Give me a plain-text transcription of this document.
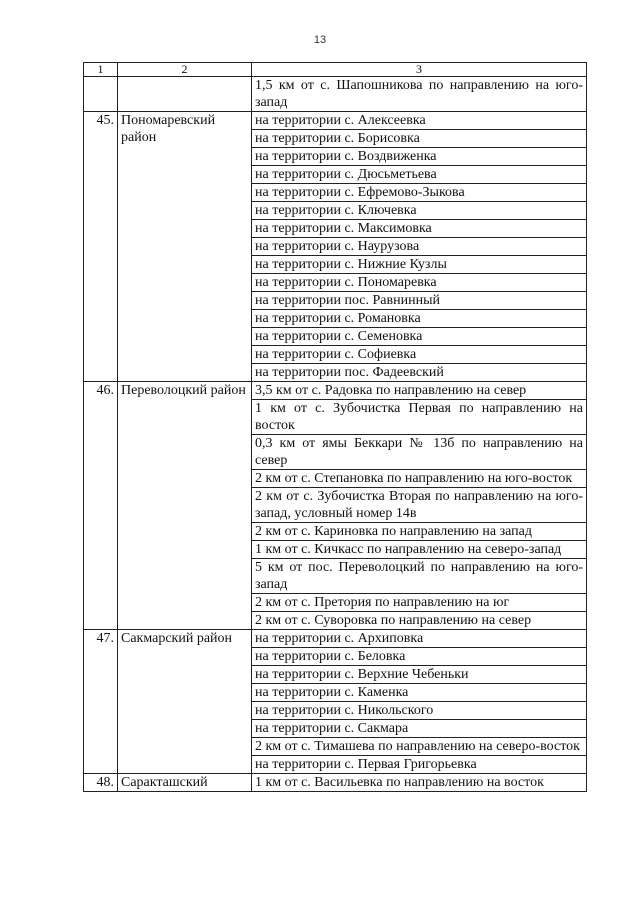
13
1	2	3
		1,5 км от с. Шапошникова по направлению на юго-запад
45.	Пономаревский район	на территории с. Алексеевка
		на территории с. Борисовка
		на территории с. Воздвиженка
		на территории с. Дюсьметьева
		на территории с. Ефремово-Зыкова
		на территории с. Ключевка
		на территории с. Максимовка
		на территории с. Наурузова
		на территории с. Нижние Кузлы
		на территории с. Пономаревка
		на территории пос. Равнинный
		на территории с. Романовка
		на территории с. Семеновка
		на территории с. Софиевка
		на территории пос. Фадеевский
46.	Переволоцкий район	3,5 км от с. Радовка по направлению на север
		1 км от с. Зубочистка Первая по направлению на восток
		0,3 км от ямы Беккари № 13б по направлению на север
		2 км от с. Степановка по направлению на юго-восток
		2 км от с. Зубочистка Вторая по направлению на юго-запад, условный номер 14в
		2 км от с. Кариновка по направлению на запад
		1 км от с. Кичкасс по направлению на северо-запад
		5 км от пос. Переволоцкий по направлению на юго-запад
		2 км от с. Претория по направлению на юг
		2 км от с. Суворовка по направлению на север
47.	Сакмарский район	на территории с. Архиповка
		на территории с. Беловка
		на территории с. Верхние Чебеньки
		на территории с. Каменка
		на территории с. Никольского
		на территории с. Сакмара
		2 км от с. Тимашева по направлению на северо-восток
		на территории с. Первая Григорьевка
48.	Саракташский	1 км от с. Васильевка по направлению на восток
